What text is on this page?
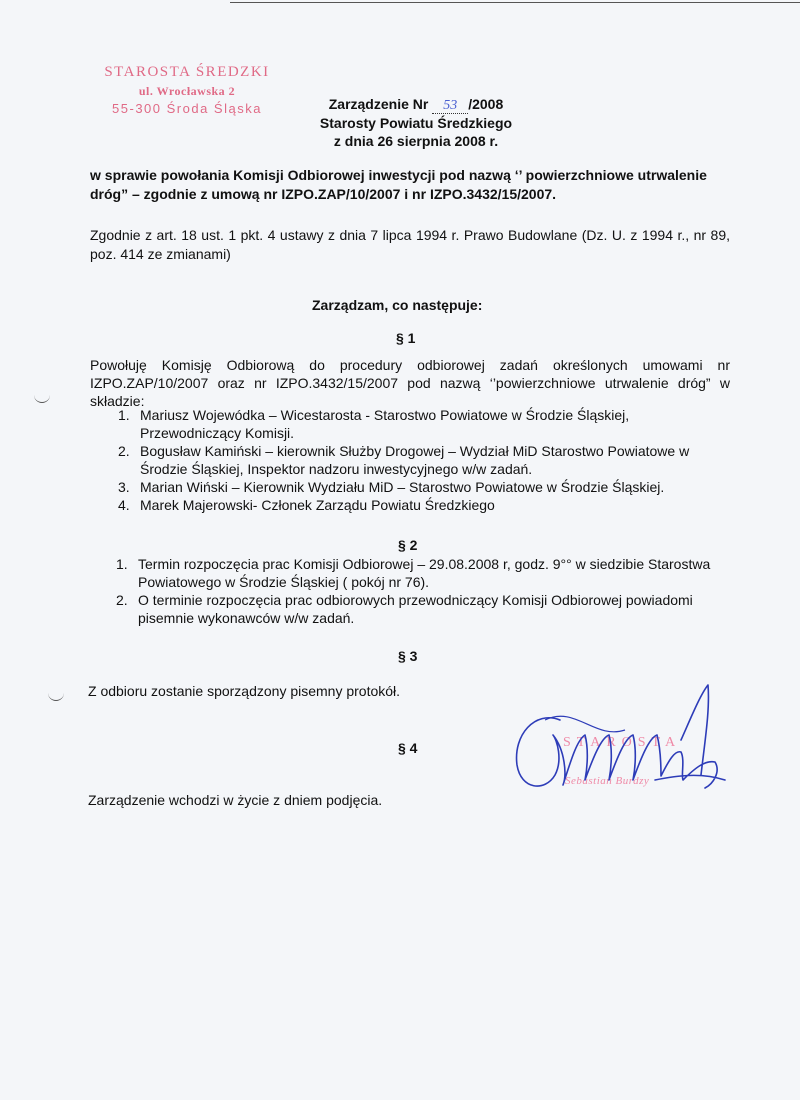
STAROSTA ŚREDZKI
ul. Wrocławska 2
55-300 Środa Śląska	Zarządzenie Nr 53 /2008
Starosty Powiatu Średzkiego
z dnia 26 sierpnia 2008 r.
w sprawie powołania Komisji Odbiorowej inwestycji pod nazwą ‘’ powierzchniowe utrwalenie dróg” – zgodnie z umową nr IZPO.ZAP/10/2007 i nr IZPO.3432/15/2007.
Zgodnie z art. 18 ust. 1 pkt. 4 ustawy z dnia 7 lipca 1994 r. Prawo Budowlane (Dz. U. z 1994 r., nr 89, poz. 414 ze zmianami)
Zarządzam, co następuje:
§ 1
Powołuję Komisję Odbiorową do procedury odbiorowej zadań określonych umowami nr IZPO.ZAP/10/2007 oraz nr IZPO.3432/15/2007 pod nazwą ‘’powierzchniowe utrwalenie dróg” w składzie:
1. Mariusz Wojewódka – Wicestarosta - Starostwo Powiatowe w Środzie Śląskiej, Przewodniczący Komisji.
2. Bogusław Kamiński – kierownik Służby Drogowej – Wydział MiD Starostwo Powiatowe w Środzie Śląskiej, Inspektor nadzoru inwestycyjnego w/w zadań.
3. Marian Wiński – Kierownik Wydziału MiD – Starostwo Powiatowe w Środzie Śląskiej.
4. Marek Majerowski- Członek Zarządu Powiatu Średzkiego
§ 2
1. Termin rozpoczęcia prac Komisji Odbiorowej – 29.08.2008 r, godz. 9°° w siedzibie Starostwa Powiatowego w Środzie Śląskiej ( pokój nr 76).
2. O terminie rozpoczęcia prac odbiorowych przewodniczący Komisji Odbiorowej powiadomi pisemnie wykonawców w/w zadań.
§ 3
Z odbioru zostanie sporządzony pisemny protokół.
§ 4
Zarządzenie wchodzi w życie z dniem podjęcia.
STAROSTA
Sebastian Burdzy
